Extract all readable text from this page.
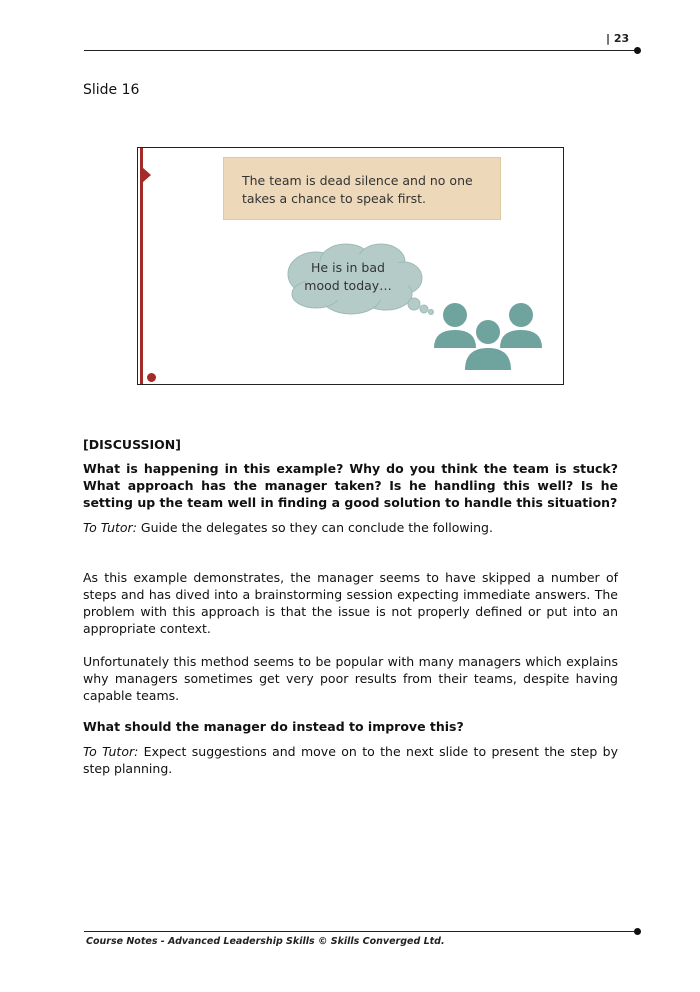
| 23
Slide 16
The team is dead silence and no one takes a chance to speak first.
He is in bad
mood today…
[DISCUSSION]
What is happening in this example? Why do you think the team is stuck? What approach has the manager taken? Is he handling this well? Is he setting up the team well in finding a good solution to handle this situation?
To Tutor: Guide the delegates so they can conclude the following.
As this example demonstrates, the manager seems to have skipped a number of steps and has dived into a brainstorming session expecting immediate answers. The problem with this approach is that the issue is not properly defined or put into an appropriate context.
Unfortunately this method seems to be popular with many managers which explains why managers sometimes get very poor results from their teams, despite having capable teams.
What should the manager do instead to improve this?
To Tutor: Expect suggestions and move on to the next slide to present the step by step planning.
Course Notes - Advanced Leadership Skills © Skills Converged Ltd.
